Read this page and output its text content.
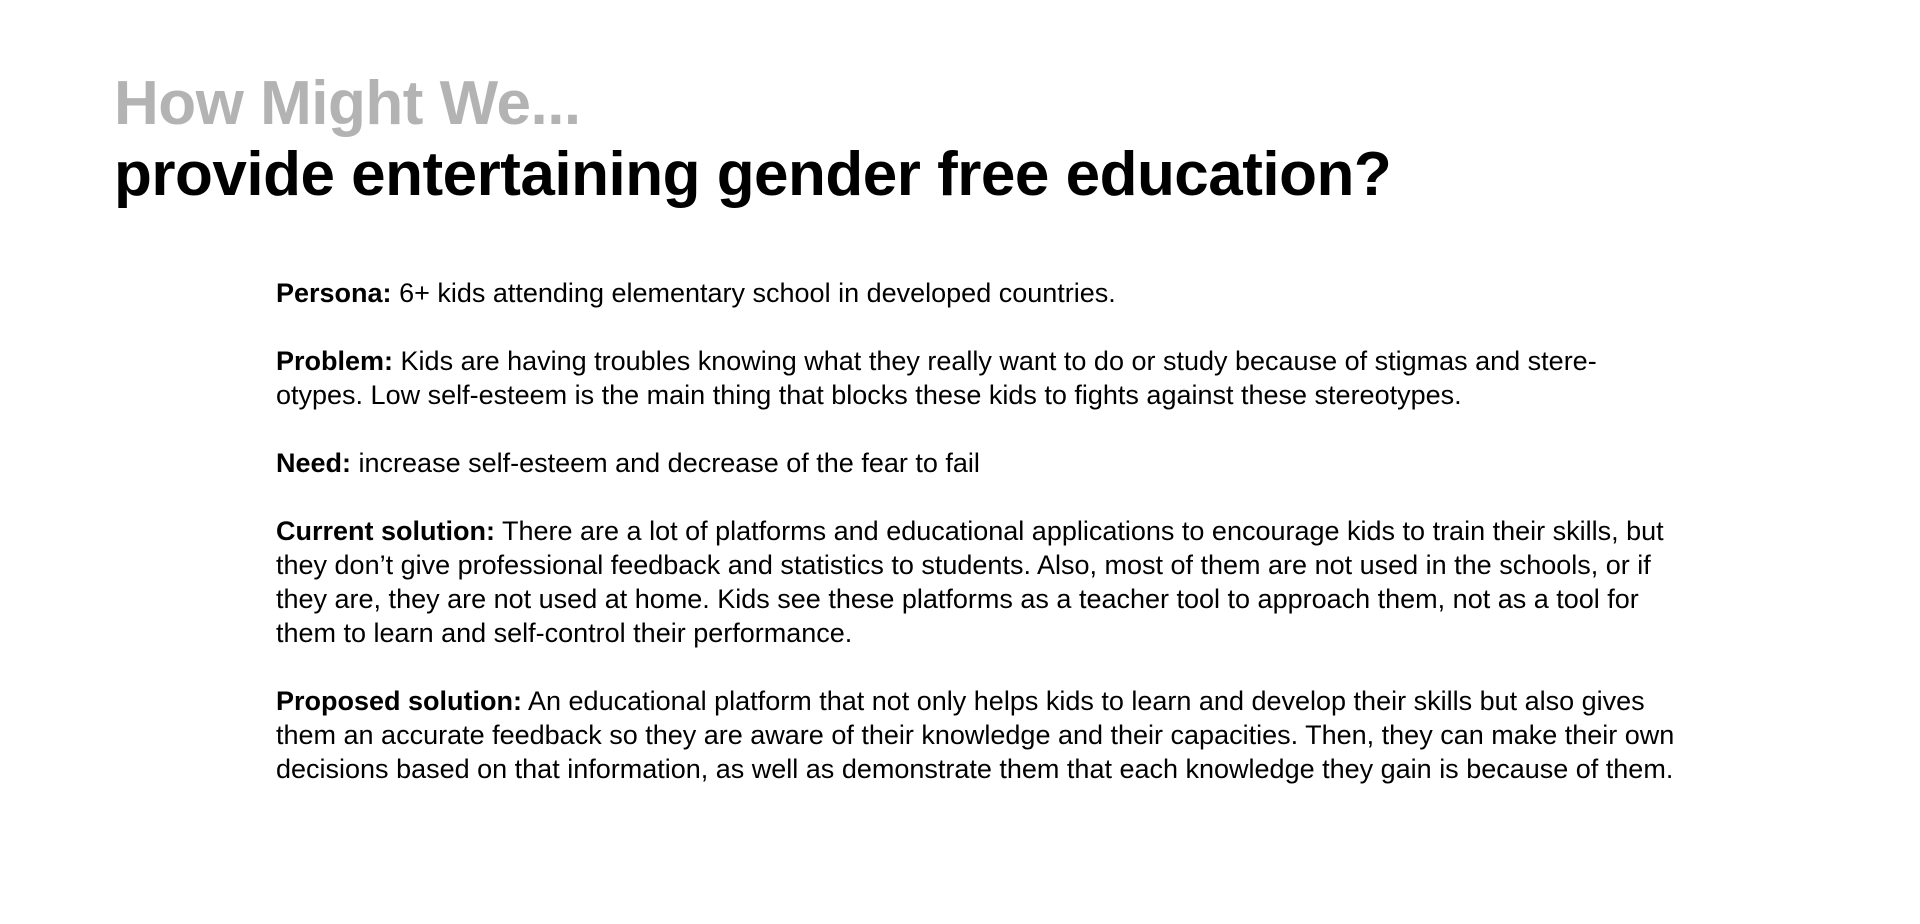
How Might We...
provide entertaining gender free education?

Persona: 6+ kids attending elementary school in developed countries.

Problem: Kids are having troubles knowing what they really want to do or study because of stigmas and stere-otypes. Low self-esteem is the main thing that blocks these kids to fights against these stereotypes.

Need: increase self-esteem and decrease of the fear to fail

Current solution: There are a lot of platforms and educational applications to encourage kids to train their skills, but they don’t give professional feedback and statistics to students. Also, most of them are not used in the schools, or if they are, they are not used at home. Kids see these platforms as a teacher tool to approach them, not as a tool for them to learn and self-control their performance.

Proposed solution: An educational platform that not only helps kids to learn and develop their skills but also gives them an accurate feedback so they are aware of their knowledge and their capacities. Then, they can make their own decisions based on that information, as well as demonstrate them that each knowledge they gain is because of them.
